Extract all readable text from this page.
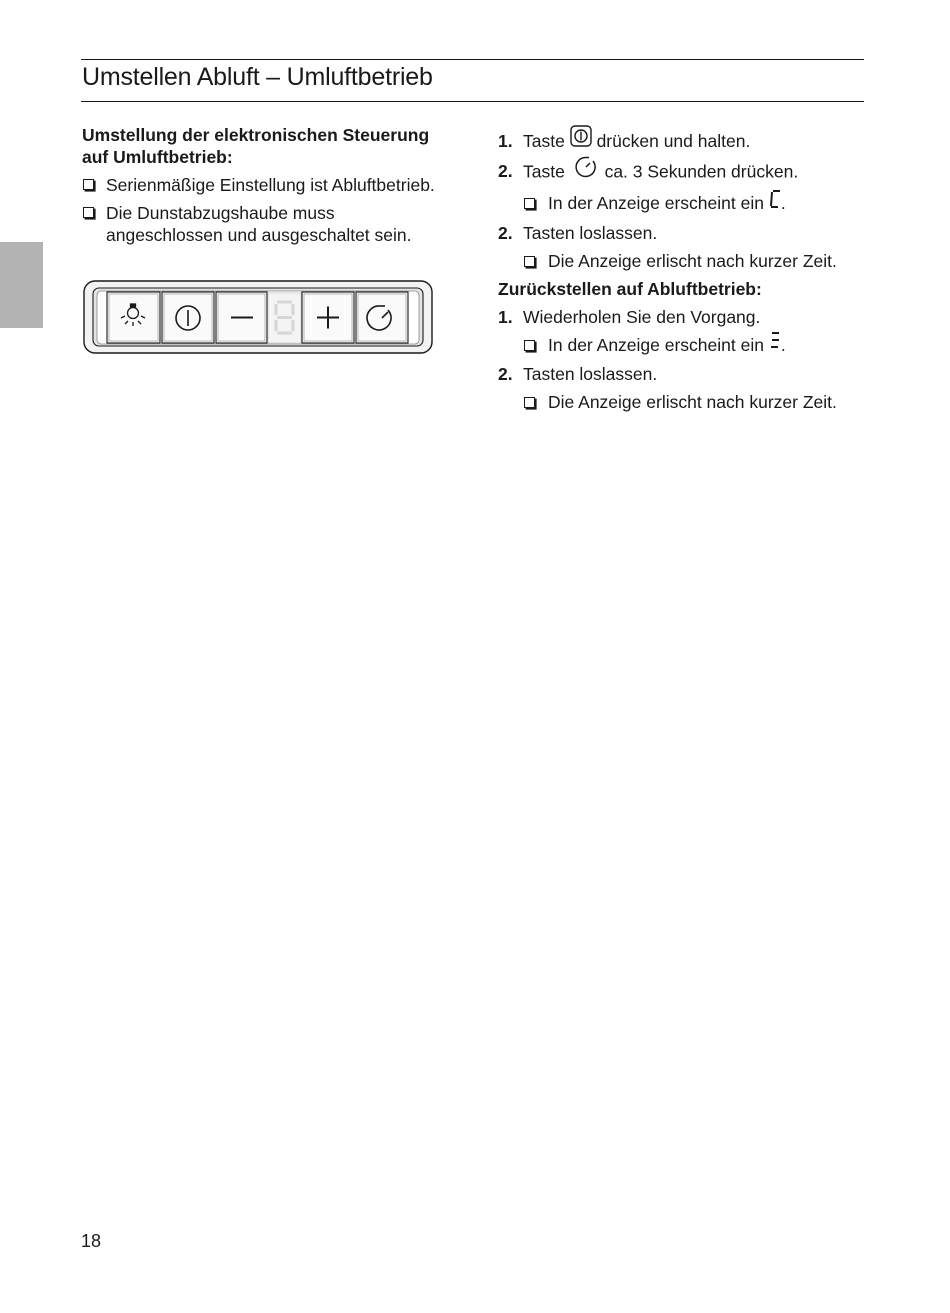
Umstellen Abluft – Umluftbetrieb

Umstellung der elektronischen Steuerung auf Umluftbetrieb:

Serienmäßige Einstellung ist Abluftbetrieb.
Die Dunstabzugshaube muss angeschlossen und ausgeschaltet sein.
1. Taste drücken und halten.
2. Taste ca. 3 Sekunden drücken.
In der Anzeige erscheint ein .
2. Tasten loslassen.
Die Anzeige erlischt nach kurzer Zeit.
Zurückstellen auf Abluftbetrieb:
1. Wiederholen Sie den Vorgang.
In der Anzeige erscheint ein .
2. Tasten loslassen.
Die Anzeige erlischt nach kurzer Zeit.
18
